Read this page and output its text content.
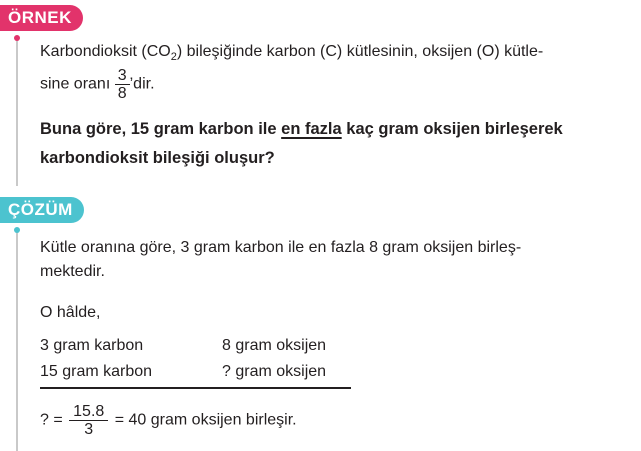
ÖRNEK
Karbondioksit $(CO_2)$ bileşiğinde karbon (C) kütlesinin, oksijen (O) kütle-
sine oranı $\frac{3}{8}$ ’dir.
Buna göre, 15 gram karbon ile en fazla kaç gram oksijen birleşerek
karbondioksit bileşiği oluşur?
ÇÖZÜM
Kütle oranına göre, 3 gram karbon ile en fazla 8 gram oksijen birleş-
mektedir.
O hâlde,
3 gram karbon	8 gram oksijen
15 gram karbon	? gram oksijen
? = $\frac{15.8}{3} = 40$ gram oksijen birleşir.
